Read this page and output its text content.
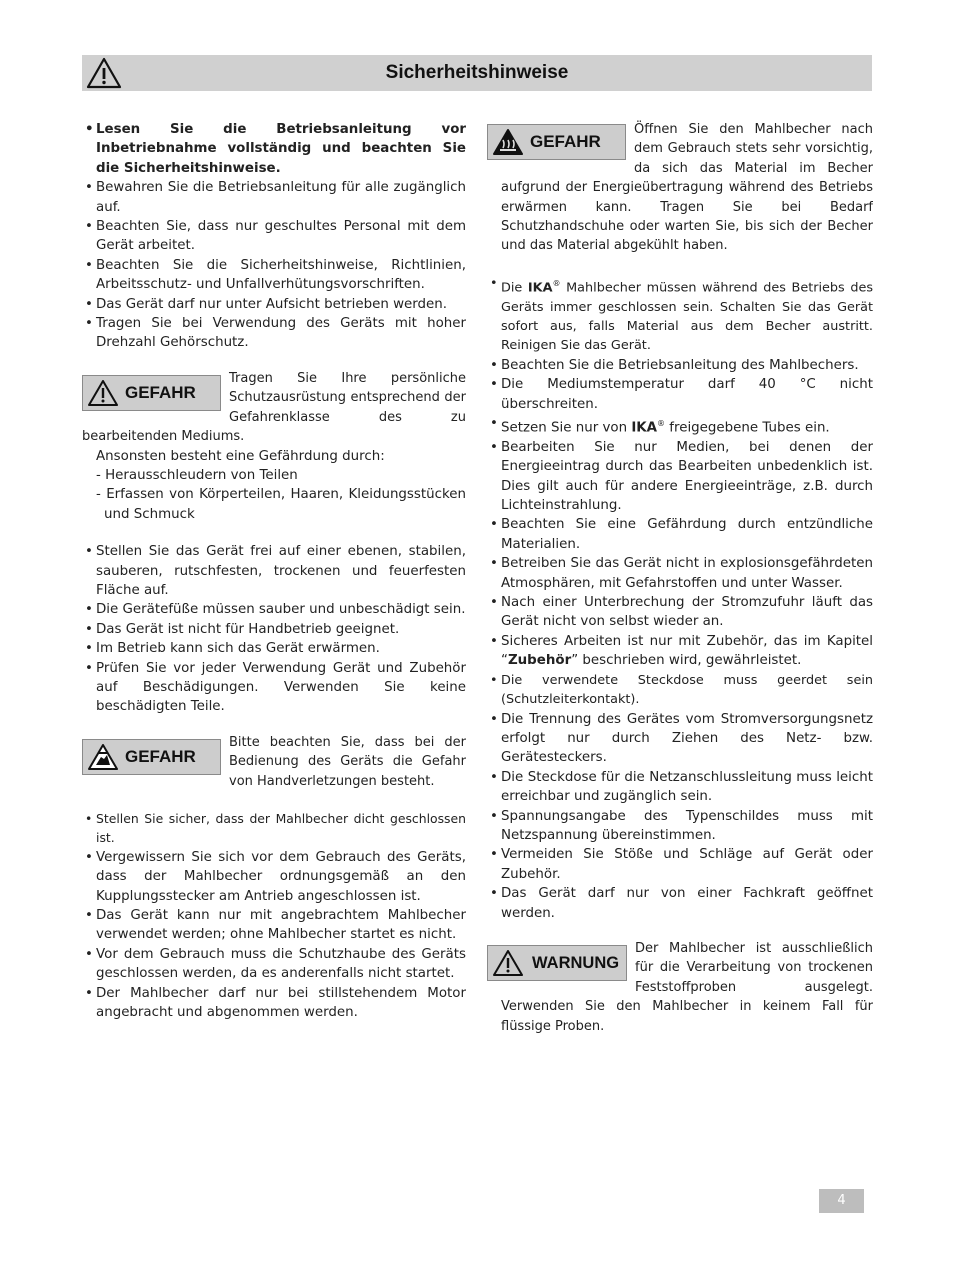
Sicherheitshinweise
• Lesen Sie die Betriebsanleitung vor Inbetriebnahme vollständig und beachten Sie die Sicherheitshinweise.
• Bewahren Sie die Betriebsanleitung für alle zugänglich auf.
• Beachten Sie, dass nur geschultes Personal mit dem Gerät arbeitet.
• Beachten Sie die Sicherheitshinweise, Richtlinien, Arbeitsschutz- und Unfallverhütungsvorschriften.
• Das Gerät darf nur unter Aufsicht betrieben werden.
• Tragen Sie bei Verwendung des Geräts mit hoher Drehzahl Gehörschutz.
GEFAHR
Tragen Sie Ihre persönliche Schutzausrüstung entsprechend der Gefahrenklasse des zu bearbeitenden Mediums.
Ansonsten besteht eine Gefährdung durch:
- Herausschleudern von Teilen
- Erfassen von Körperteilen, Haaren, Kleidungsstücken und Schmuck
• Stellen Sie das Gerät frei auf einer ebenen, stabilen, sauberen, rutschfesten, trockenen und feuerfesten Fläche auf.
• Die Gerätefüße müssen sauber und unbeschädigt sein.
• Das Gerät ist nicht für Handbetrieb geeignet.
• Im Betrieb kann sich das Gerät erwärmen.
• Prüfen Sie vor jeder Verwendung Gerät und Zubehör auf Beschädigungen. Verwenden Sie keine beschädigten Teile.
GEFAHR
Bitte beachten Sie, dass bei der Bedienung des Geräts die Gefahr von Handverletzungen besteht.
• Stellen Sie sicher, dass der Mahlbecher dicht geschlossen ist.
• Vergewissern Sie sich vor dem Gebrauch des Geräts, dass der Mahlbecher ordnungsgemäß an den Kupplungsstecker am Antrieb angeschlossen ist.
• Das Gerät kann nur mit angebrachtem Mahlbecher verwendet werden; ohne Mahlbecher startet es nicht.
• Vor dem Gebrauch muss die Schutzhaube des Geräts geschlossen werden, da es anderenfalls nicht startet.
• Der Mahlbecher darf nur bei stillstehendem Motor angebracht und abgenommen werden.
GEFAHR
Öffnen Sie den Mahlbecher nach dem Gebrauch stets sehr vorsichtig, da sich das Material im Becher aufgrund der Energieübertragung während des Betriebs erwärmen kann. Tragen Sie bei Bedarf Schutzhandschuhe oder warten Sie, bis sich der Becher und das Material abgekühlt haben.
• Die IKA® Mahlbecher müssen während des Betriebs des Geräts immer geschlossen sein. Schalten Sie das Gerät sofort aus, falls Material aus dem Becher austritt. Reinigen Sie das Gerät.
• Beachten Sie die Betriebsanleitung des Mahlbechers.
• Die Mediumstemperatur darf 40 °C nicht überschreiten.
• Setzen Sie nur von IKA® freigegebene Tubes ein.
• Bearbeiten Sie nur Medien, bei denen der Energieeintrag durch das Bearbeiten unbedenklich ist. Dies gilt auch für andere Energieeinträge, z.B. durch Lichteinstrahlung.
• Beachten Sie eine Gefährdung durch entzündliche Materialien.
• Betreiben Sie das Gerät nicht in explosionsgefährdeten Atmosphären, mit Gefahrstoffen und unter Wasser.
• Nach einer Unterbrechung der Stromzufuhr läuft das Gerät nicht von selbst wieder an.
• Sicheres Arbeiten ist nur mit Zubehör, das im Kapitel “Zubehör” beschrieben wird, gewährleistet.
• Die verwendete Steckdose muss geerdet sein (Schutzleiterkontakt).
• Die Trennung des Gerätes vom Stromversorgungsnetz erfolgt nur durch Ziehen des Netz- bzw. Gerätesteckers.
• Die Steckdose für die Netzanschlussleitung muss leicht erreichbar und zugänglich sein.
• Spannungsangabe des Typenschildes muss mit Netzspannung übereinstimmen.
• Vermeiden Sie Stöße und Schläge auf Gerät oder Zubehör.
• Das Gerät darf nur von einer Fachkraft geöffnet werden.
WARNUNG
Der Mahlbecher ist ausschließlich für die Verarbeitung von trockenen Feststoffproben ausgelegt. Verwenden Sie den Mahlbecher in keinem Fall für flüssige Proben.
4
